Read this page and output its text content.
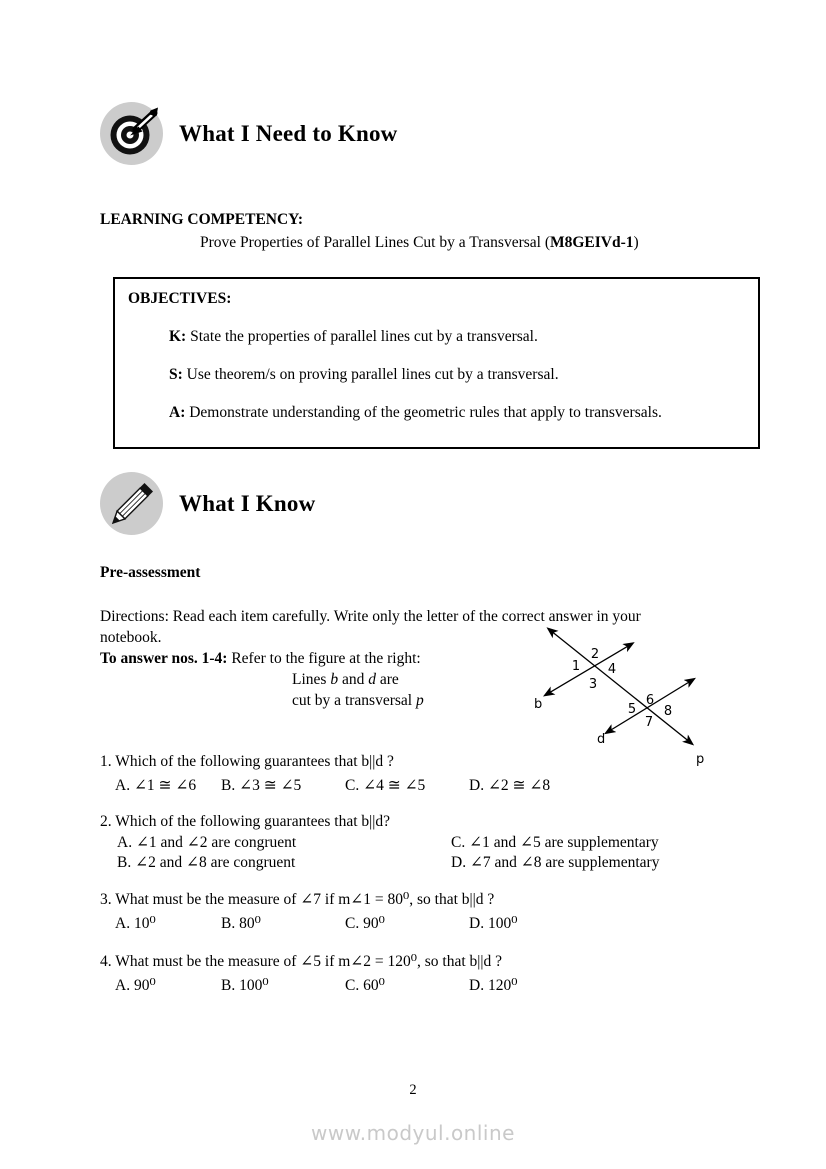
What I Need to Know
LEARNING COMPETENCY:
Prove Properties of Parallel Lines Cut by a Transversal (M8GEIVd-1)
OBJECTIVES:
K: State the properties of parallel lines cut by a transversal.
S: Use theorem/s on proving parallel lines cut by a transversal.
A: Demonstrate understanding of the geometric rules that apply to transversals.
What I Know
Pre-assessment
Directions: Read each item carefully. Write only the letter of the correct answer in your
notebook.
To answer nos. 1-4: Refer to the figure at the right:
Lines b and d are
cut by a transversal p	b
d
p
1
2
3
4
5
6
7
8
1. Which of the following guarantees that b||d ?
A. ∠1 ≅ ∠6 B. ∠3 ≅ ∠5	C. ∠4 ≅ ∠5	D. ∠2 ≅ ∠8
2. Which of the following guarantees that b||d?
A. ∠1 and ∠2 are congruent	C. ∠1 and ∠5 are supplementary
B. ∠2 and ∠8 are congruent	D. ∠7 and ∠8 are supplementary
3. What must be the measure of ∠7 if m∠1 = 80⁰, so that b||d ?
A. 10⁰	B. 80⁰	C. 90⁰	D. 100⁰
4. What must be the measure of ∠5 if m∠2 = 120⁰, so that b||d ?
A. 90⁰	B. 100⁰	C. 60⁰	D. 120⁰
2
www.modyul.online
